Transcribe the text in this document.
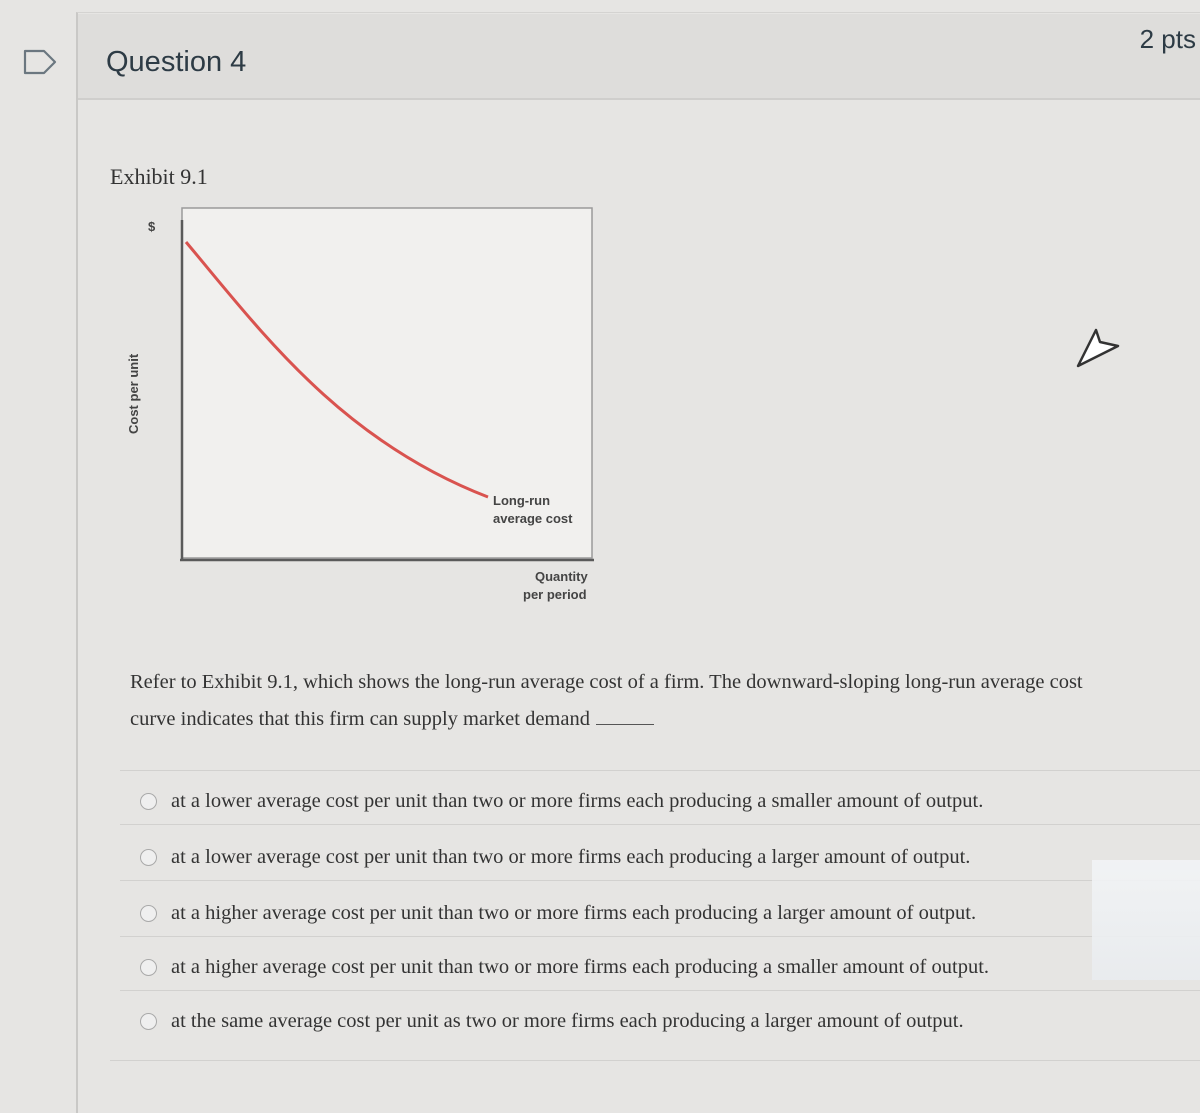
Question 4
2 pts
Exhibit 9.1
$
Cost per unit
Long-run
average cost
Quantity
per period
Refer to Exhibit 9.1, which shows the long-run average cost of a firm. The downward-sloping long-run average cost
curve indicates that this firm can supply market demand
at a lower average cost per unit than two or more firms each producing a smaller amount of output.
at a lower average cost per unit than two or more firms each producing a larger amount of output.
at a higher average cost per unit than two or more firms each producing a larger amount of output.
at a higher average cost per unit than two or more firms each producing a smaller amount of output.
at the same average cost per unit as two or more firms each producing a larger amount of output.
